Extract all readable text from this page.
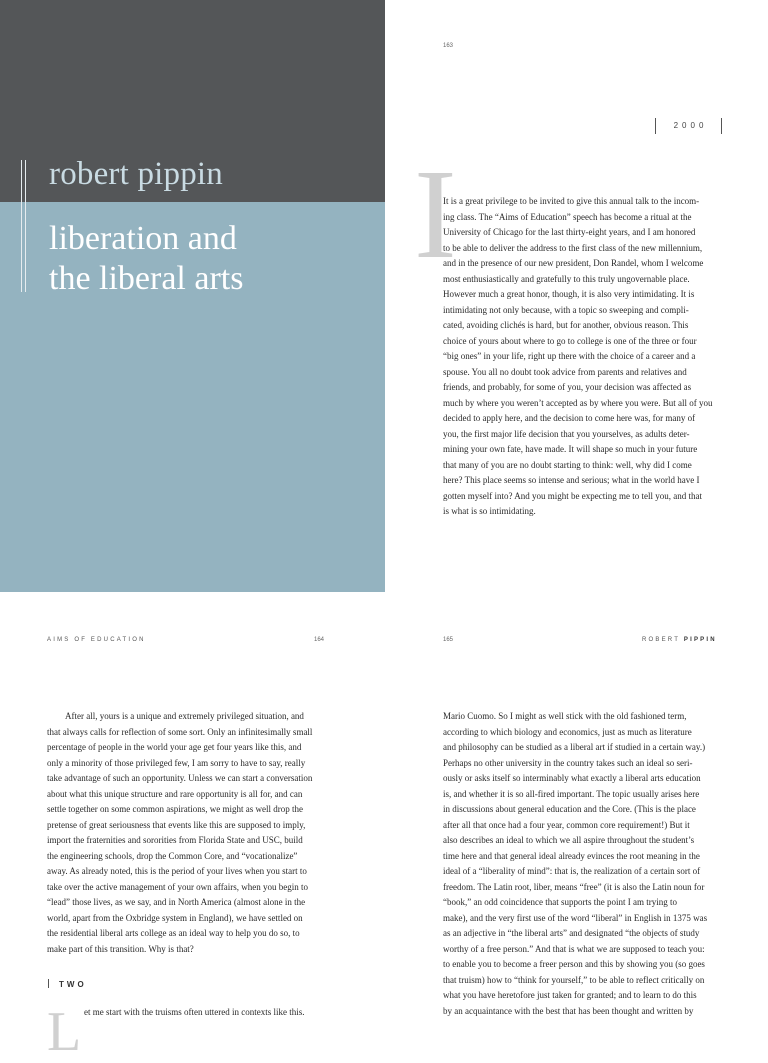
robert pippin
liberation and
the liberal arts
163
2000
I

It is a great privilege to be invited to give this annual talk to the incom-
ing class. The “Aims of Education” speech has become a ritual at the
University of Chicago for the last thirty-eight years, and I am honored
to be able to deliver the address to the first class of the new millennium,
and in the presence of our new president, Don Randel, whom I welcome
most enthusiastically and gratefully to this truly ungovernable place.
However much a great honor, though, it is also very intimidating. It is
intimidating not only because, with a topic so sweeping and compli-
cated, avoiding clichés is hard, but for another, obvious reason. This
choice of yours about where to go to college is one of the three or four
“big ones” in your life, right up there with the choice of a career and a
spouse. You all no doubt took advice from parents and relatives and
friends, and probably, for some of you, your decision was affected as
much by where you weren’t accepted as by where you were. But all of you
decided to apply here, and the decision to come here was, for many of
you, the first major life decision that you yourselves, as adults deter-
mining your own fate, have made. It will shape so much in your future
that many of you are no doubt starting to think: well, why did I come
here? This place seems so intense and serious; what in the world have I
gotten myself into? And you might be expecting me to tell you, and that
is what is so intimidating.

AIMS OF EDUCATION	164

After all, yours is a unique and extremely privileged situation, and
that always calls for reflection of some sort. Only an infinitesimally small
percentage of people in the world your age get four years like this, and
only a minority of those privileged few, I am sorry to have to say, really
take advantage of such an opportunity. Unless we can start a conversation
about what this unique structure and rare opportunity is all for, and can
settle together on some common aspirations, we might as well drop the
pretense of great seriousness that events like this are supposed to imply,
import the fraternities and sororities from Florida State and USC, build
the engineering schools, drop the Common Core, and “vocationalize”
away. As already noted, this is the period of your lives when you start to
take over the active management of your own affairs, when you begin to
“lead” those lives, as we say, and in North America (almost alone in the
world, apart from the Oxbridge system in England), we have settled on
the residential liberal arts college as an ideal way to help you do so, to
make part of this transition. Why is that?

TWO
L et me start with the truisms often uttered in contexts like this.

165	ROBERT PIPPIN

Mario Cuomo. So I might as well stick with the old fashioned term,
according to which biology and economics, just as much as literature
and philosophy can be studied as a liberal art if studied in a certain way.)
Perhaps no other university in the country takes such an ideal so seri-
ously or asks itself so interminably what exactly a liberal arts education
is, and whether it is so all-fired important. The topic usually arises here
in discussions about general education and the Core. (This is the place
after all that once had a four year, common core requirement!) But it
also describes an ideal to which we all aspire throughout the student’s
time here and that general ideal already evinces the root meaning in the
ideal of a “liberality of mind”: that is, the realization of a certain sort of
freedom. The Latin root, liber, means “free” (it is also the Latin noun for
“book,” an odd coincidence that supports the point I am trying to
make), and the very first use of the word “liberal” in English in 1375 was
as an adjective in “the liberal arts” and designated “the objects of study
worthy of a free person.” And that is what we are supposed to teach you:
to enable you to become a freer person and this by showing you (so goes
that truism) how to “think for yourself,” to be able to reflect critically on
what you have heretofore just taken for granted; and to learn to do this
by an acquaintance with the best that has been thought and written by
